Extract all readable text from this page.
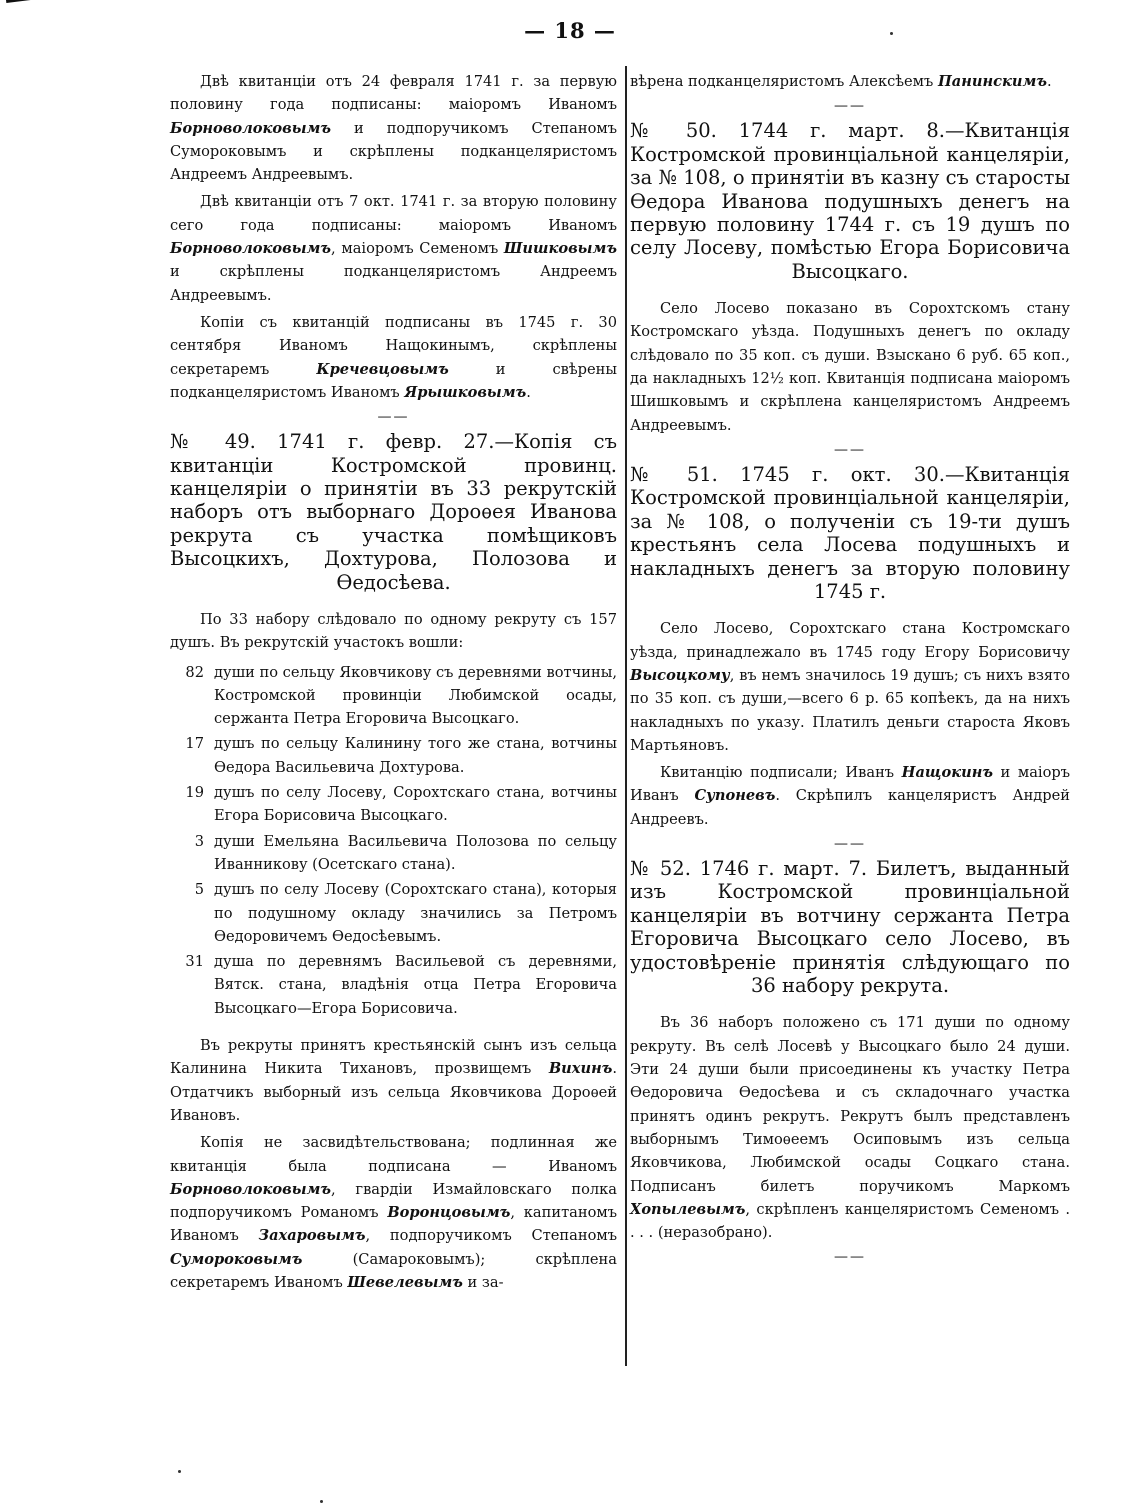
— 18 —

Двѣ квитанціи отъ 24 февраля 1741 г. за первую половину года подписаны: маіоромъ Иваномъ Борноволоковымъ и подпоручикомъ Степаномъ Сумороковымъ и скрѣплены подканцеляристомъ Андреемъ Андреевымъ.

Двѣ квитанціи отъ 7 окт. 1741 г. за вторую половину сего года подписаны: маіоромъ Иваномъ Борноволоковымъ, маіоромъ Семеномъ Шишковымъ и скрѣплены подканцеляристомъ Андреемъ Андреевымъ.

Копіи съ квитанцій подписаны въ 1745 г. 30 сентября Иваномъ Нащокинымъ, скрѣплены секретаремъ Кречевцовымъ и свѣрены подканцеляристомъ Иваномъ Ярышковымъ.

——

№ 49. 1741 г. февр. 27.—Копія съ квитанціи Костромской провинц. канцеляріи о принятіи въ 33 рекрутскій наборъ отъ выборнаго Дороѳея Иванова рекрута съ участка помѣщиковъ Высоцкихъ, Дохтурова, Полозова и Ѳедосѣева.

По 33 набору слѣдовало по одному рекруту съ 157 душъ. Въ рекрутскій участокъ вошли:

82 души по сельцу Яковчикову съ деревнями вотчины, Костромской провинціи Любимской осады, сержанта Петра Егоровича Высоцкаго.
17 душъ по сельцу Калинину того же стана, вотчины Ѳедора Васильевича Дохтурова.
19 душъ по селу Лосеву, Сорохтскаго стана, вотчины Егора Борисовича Высоцкаго.
3 души Емельяна Васильевича Полозова по сельцу Иванникову (Осетскаго стана).
5 душъ по селу Лосеву (Сорохтскаго стана), которыя по подушному окладу значились за Петромъ Ѳедоровичемъ Ѳедосѣевымъ.
31 душа по деревнямъ Васильевой съ деревнями, Вятск. стана, владѣнія отца Петра Егоровича Высоцкаго—Егора Борисовича.

Въ рекруты принятъ крестьянскій сынъ изъ сельца Калинина Никита Тихановъ, прозвищемъ Вихинъ. Отдатчикъ выборный изъ сельца Яковчикова Дороѳей Ивановъ.

Копія не засвидѣтельствована; подлинная же квитанція была подписана — Иваномъ Борноволоковымъ, гвардіи Измайловскаго полка подпоручикомъ Романомъ Воронцовымъ, капитаномъ Иваномъ Захаровымъ, подпоручикомъ Степаномъ Сумороковымъ (Самароковымъ); скрѣплена секретаремъ Иваномъ Шевелевымъ и за-

вѣрена подканцеляристомъ Алексѣемъ Панинскимъ.

——

№ 50. 1744 г. март. 8.—Квитанція Костромской провинціальной канцеляріи, за № 108, о принятіи въ казну съ старосты Ѳедора Иванова подушныхъ денегъ на первую половину 1744 г. съ 19 душъ по селу Лосеву, помѣстью Егора Борисовича Высоцкаго.

Село Лосево показано въ Сорохтскомъ стану Костромскаго уѣзда. Подушныхъ денегъ по окладу слѣдовало по 35 коп. съ души. Взыскано 6 руб. 65 коп., да накладныхъ 12½ коп. Квитанція подписана маіоромъ Шишковымъ и скрѣплена канцеляристомъ Андреемъ Андреевымъ.

——

№ 51. 1745 г. окт. 30.—Квитанція Костромской провинціальной канцеляріи, за № 108, о полученіи съ 19-ти душъ крестьянъ села Лосева подушныхъ и накладныхъ денегъ за вторую половину 1745 г.

Село Лосево, Сорохтскаго стана Костромскаго уѣзда, принадлежало въ 1745 году Егору Борисовичу Высоцкому, въ немъ значилось 19 душъ; съ нихъ взято по 35 коп. съ души,—всего 6 р. 65 копѣекъ, да на нихъ накладныхъ по указу. Платилъ деньги староста Яковъ Мартьяновъ.

Квитанцію подписали; Иванъ Нащокинъ и маіоръ Иванъ Супоневъ. Скрѣпилъ канцеляристъ Андрей Андреевъ.

——

№ 52. 1746 г. март. 7. Билетъ, выданный изъ Костромской провинціальной канцеляріи въ вотчину сержанта Петра Егоровича Высоцкаго село Лосево, въ удостовѣреніе принятія слѣдующаго по 36 набору рекрута.

Въ 36 наборъ положено съ 171 души по одному рекруту. Въ селѣ Лосевѣ у Высоцкаго было 24 души. Эти 24 души были присоединены къ участку Петра Ѳедоровича Ѳедосѣева и съ складочнаго участка принятъ одинъ рекрутъ. Рекрутъ былъ представленъ выборнымъ Тимоѳеемъ Осиповымъ изъ сельца Яковчикова, Любимской осады Соцкаго стана. Подписанъ билетъ поручикомъ Маркомъ Хопылевымъ, скрѣпленъ канцеляристомъ Семеномъ . . . . (неразобрано).

——
